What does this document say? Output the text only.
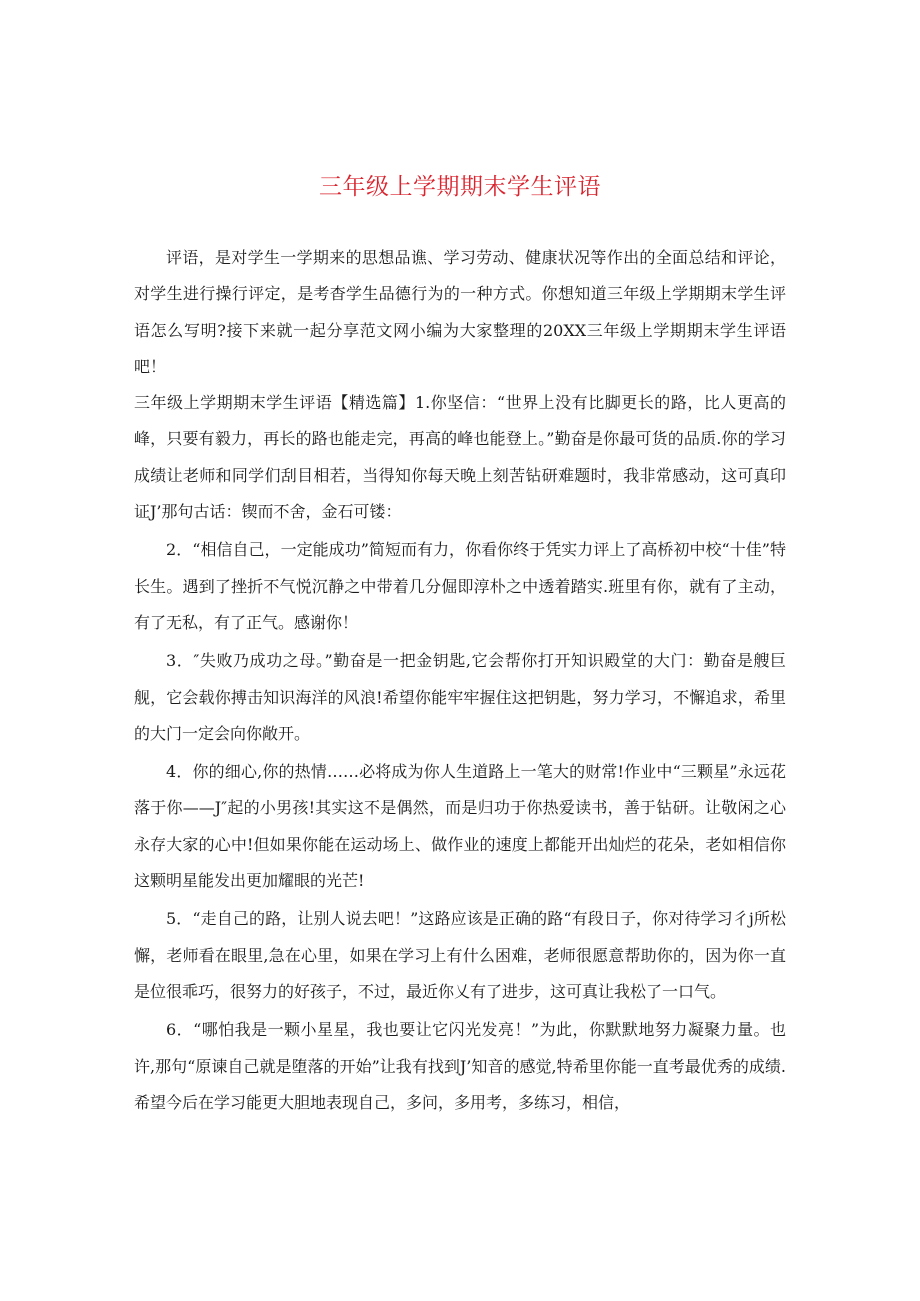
三年级上学期期末学生评语

评语，是对学生一学期来的思想品谯、学习劳动、健康状况等作出的全面总结和评论，对学生进行操行评定，是考杳学生品德行为的一种方式。你想知道三年级上学期期末学生评语怎么写明?接下来就一起分享范文网小编为大家整理的20XX三年级上学期期末学生评语吧！

三年级上学期期末学生评语【精选篇】1.你坚信：“世界上没有比脚更长的路，比人更高的峰，只要有毅力，再长的路也能走完，再高的峰也能登上。”勤奋是你最可货的品质.你的学习成绩让老师和同学们刮目相若，当得知你每天晚上刻苦钻研难题时，我非常感动，这可真印证J’那句古话：锲而不舍，金石可镂：

2．“相信自己，一定能成功”简短而有力，你看你终于凭实力评上了高桥初中校“十佳”特长生。遇到了挫折不气悦沉静之中带着几分倔即淳朴之中透着踏实.班里有你，就有了主动，有了无私，有了正气。感谢你！

3．″失败乃成功之母。”勤奋是一把金钥匙,它会帮你打开知识殿堂的大门：勤奋是艘巨舰，它会载你搏击知识海洋的风浪!希望你能牢牢握住这把钥匙，努力学习，不懈追求，希里的大门一定会向你敞开。

4．你的细心,你的热情……必将成为你人生道路上一笔大的财常!作业中“三颗星”永远花落于你——J″起的小男孩!其实这不是偶然，而是归功于你热爱读书，善于钻研。让敬闲之心永存大家的心中!但如果你能在运动场上、做作业的速度上都能开出灿烂的花朵，老如相信你这颗明星能发出更加耀眼的光芒!

5．“走自己的路，让别人说去吧！”这路应该是正确的路“有段日子，你对待学习彳j所松懈，老师看在眼里,急在心里，如果在学习上有什么困难，老师很愿意帮助你的，因为你一直是位很乖巧，很努力的好孩子，不过，最近你乂有了进步，这可真让我松了一口气。

6．“哪怕我是一颗小星星，我也要让它闪光发亮！”为此，你默默地努力凝聚力量。也许,那句“原谏自己就是堕落的开始”让我有找到J’知音的感觉,特希里你能一直考最优秀的成绩.希望今后在学习能更大胆地表现自己，多问，多用考，多练习，相信，
